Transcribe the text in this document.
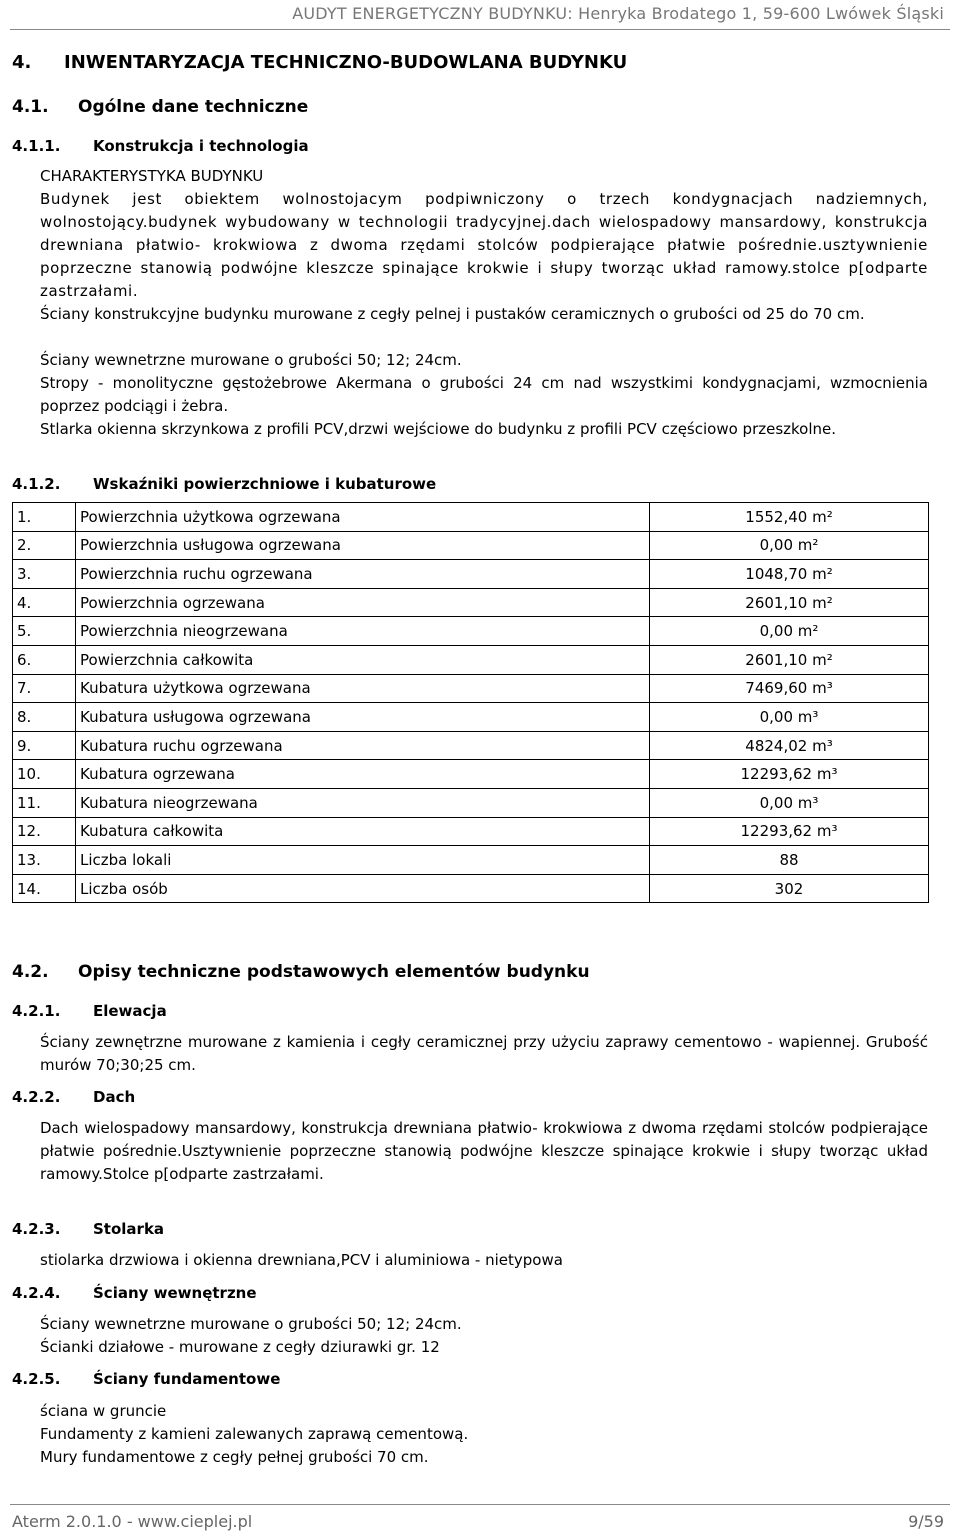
AUDYT ENERGETYCZNY BUDYNKU: Henryka Brodatego 1, 59-600 Lwówek Śląski
4. INWENTARYZACJA TECHNICZNO-BUDOWLANA BUDYNKU
4.1. Ogólne dane techniczne
4.1.1. Konstrukcja i technologia
CHARAKTERYSTYKA BUDYNKU
Budynek jest obiektem wolnostojacym podpiwniczony o trzech kondygnacjach nadziemnych, wolnostojący.budynek wybudowany w technologii tradycyjnej.dach wielospadowy mansardowy, konstrukcja drewniana płatwio- krokwiowa z dwoma rzędami stolców podpierające płatwie pośrednie.usztywnienie poprzeczne stanowią podwójne kleszcze spinające krokwie i słupy tworząc układ ramowy.stolce p[odparte zastrzałami.
Ściany konstrukcyjne budynku murowane z cegły pelnej i pustaków ceramicznych o grubości od 25 do 70 cm.
Ściany wewnetrzne murowane o grubości 50; 12; 24cm.
Stropy - monolityczne gęstożebrowe Akermana o grubości 24 cm nad wszystkimi kondygnacjami, wzmocnienia poprzez podciągi i żebra.
Stlarka okienna skrzynkowa z profili PCV,drzwi wejściowe do budynku z profili PCV częściowo przeszkolne.
4.1.2. Wskaźniki powierzchniowe i kubaturowe
1.	Powierzchnia użytkowa ogrzewana	1552,40 m²
2.	Powierzchnia usługowa ogrzewana	0,00 m²
3.	Powierzchnia ruchu ogrzewana	1048,70 m²
4.	Powierzchnia ogrzewana	2601,10 m²
5.	Powierzchnia nieogrzewana	0,00 m²
6.	Powierzchnia całkowita	2601,10 m²
7.	Kubatura użytkowa ogrzewana	7469,60 m³
8.	Kubatura usługowa ogrzewana	0,00 m³
9.	Kubatura ruchu ogrzewana	4824,02 m³
10.	Kubatura ogrzewana	12293,62 m³
11.	Kubatura nieogrzewana	0,00 m³
12.	Kubatura całkowita	12293,62 m³
13.	Liczba lokali	88
14.	Liczba osób	302
4.2. Opisy techniczne podstawowych elementów budynku
4.2.1. Elewacja
Ściany zewnętrzne murowane z kamienia i cegły ceramicznej przy użyciu zaprawy cementowo - wapiennej. Grubość murów 70;30;25 cm.
4.2.2. Dach
Dach wielospadowy mansardowy, konstrukcja drewniana płatwio- krokwiowa z dwoma rzędami stolców podpierające płatwie pośrednie.Usztywnienie poprzeczne stanowią podwójne kleszcze spinające krokwie i słupy tworząc układ ramowy.Stolce p[odparte zastrzałami.
4.2.3. Stolarka
stiolarka drzwiowa i okienna drewniana,PCV i aluminiowa - nietypowa
4.2.4. Ściany wewnętrzne
Ściany wewnetrzne murowane o grubości 50; 12; 24cm.
Ścianki działowe - murowane z cegły dziurawki gr. 12
4.2.5. Ściany fundamentowe
ściana w gruncie
Fundamenty z kamieni zalewanych zaprawą cementową.
Mury fundamentowe z cegły pełnej grubości 70 cm.
Aterm 2.0.1.0 - www.cieplej.pl	9/59
